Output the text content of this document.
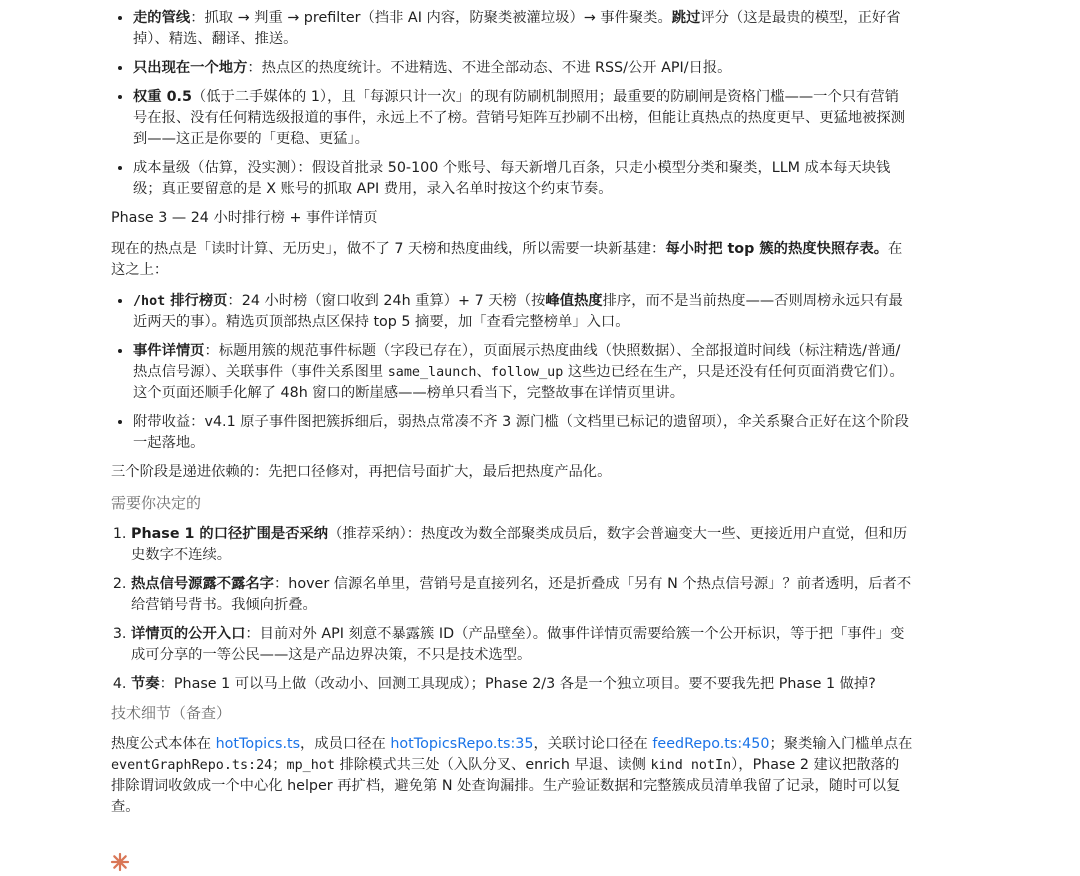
• 走的管线：抓取 → 判重 → prefilter（挡非 AI 内容，防聚类被灌垃圾）→ 事件聚类。跳过评分（这是最贵的模型，正好省掉）、精选、翻译、推送。
• 只出现在一个地方：热点区的热度统计。不进精选、不进全部动态、不进 RSS/公开 API/日报。
• 权重 0.5（低于二手媒体的 1），且「每源只计一次」的现有防刷机制照用；最重要的防刷闸是资格门槛——一个只有营销号在报、没有任何精选级报道的事件，永远上不了榜。营销号矩阵互抄刷不出榜，但能让真热点的热度更早、更猛地被探测到——这正是你要的「更稳、更猛」。
• 成本量级（估算，没实测）：假设首批录 50-100 个账号、每天新增几百条，只走小模型分类和聚类，LLM 成本每天块钱级；真正要留意的是 X 账号的抓取 API 费用，录入名单时按这个约束节奏。

Phase 3 — 24 小时排行榜 + 事件详情页

现在的热点是「读时计算、无历史」，做不了 7 天榜和热度曲线，所以需要一块新基建：每小时把 top 簇的热度快照存表。在这之上：

• /hot 排行榜页：24 小时榜（窗口收到 24h 重算）+ 7 天榜（按峰值热度排序，而不是当前热度——否则周榜永远只有最近两天的事）。精选页顶部热点区保持 top 5 摘要，加「查看完整榜单」入口。
• 事件详情页：标题用簇的规范事件标题（字段已存在），页面展示热度曲线（快照数据）、全部报道时间线（标注精选/普通/热点信号源）、关联事件（事件关系图里 same_launch、follow_up 这些边已经在生产，只是还没有任何页面消费它们）。这个页面还顺手化解了 48h 窗口的断崖感——榜单只看当下，完整故事在详情页里讲。
• 附带收益：v4.1 原子事件图把簇拆细后，弱热点常凑不齐 3 源门槛（文档里已标记的遗留项），伞关系聚合正好在这个阶段一起落地。

三个阶段是递进依赖的：先把口径修对，再把信号面扩大，最后把热度产品化。

需要你决定的

1. Phase 1 的口径扩围是否采纳（推荐采纳）：热度改为数全部聚类成员后，数字会普遍变大一些、更接近用户直觉，但和历史数字不连续。
2. 热点信号源露不露名字：hover 信源名单里，营销号是直接列名，还是折叠成「另有 N 个热点信号源」？前者透明，后者不给营销号背书。我倾向折叠。
3. 详情页的公开入口：目前对外 API 刻意不暴露簇 ID（产品壁垒）。做事件详情页需要给簇一个公开标识，等于把「事件」变成可分享的一等公民——这是产品边界决策，不只是技术选型。
4. 节奏：Phase 1 可以马上做（改动小、回测工具现成）；Phase 2/3 各是一个独立项目。要不要我先把 Phase 1 做掉?

技术细节（备查）

热度公式本体在 hotTopics.ts，成员口径在 hotTopicsRepo.ts:35，关联讨论口径在 feedRepo.ts:450；聚类输入门槛单点在 eventGraphRepo.ts:24；mp_hot 排除模式共三处（入队分叉、enrich 早退、读侧 kind notIn），Phase 2 建议把散落的排除谓词收敛成一个中心化 helper 再扩档，避免第 N 处查询漏排。生产验证数据和完整簇成员清单我留了记录，随时可以复查。
